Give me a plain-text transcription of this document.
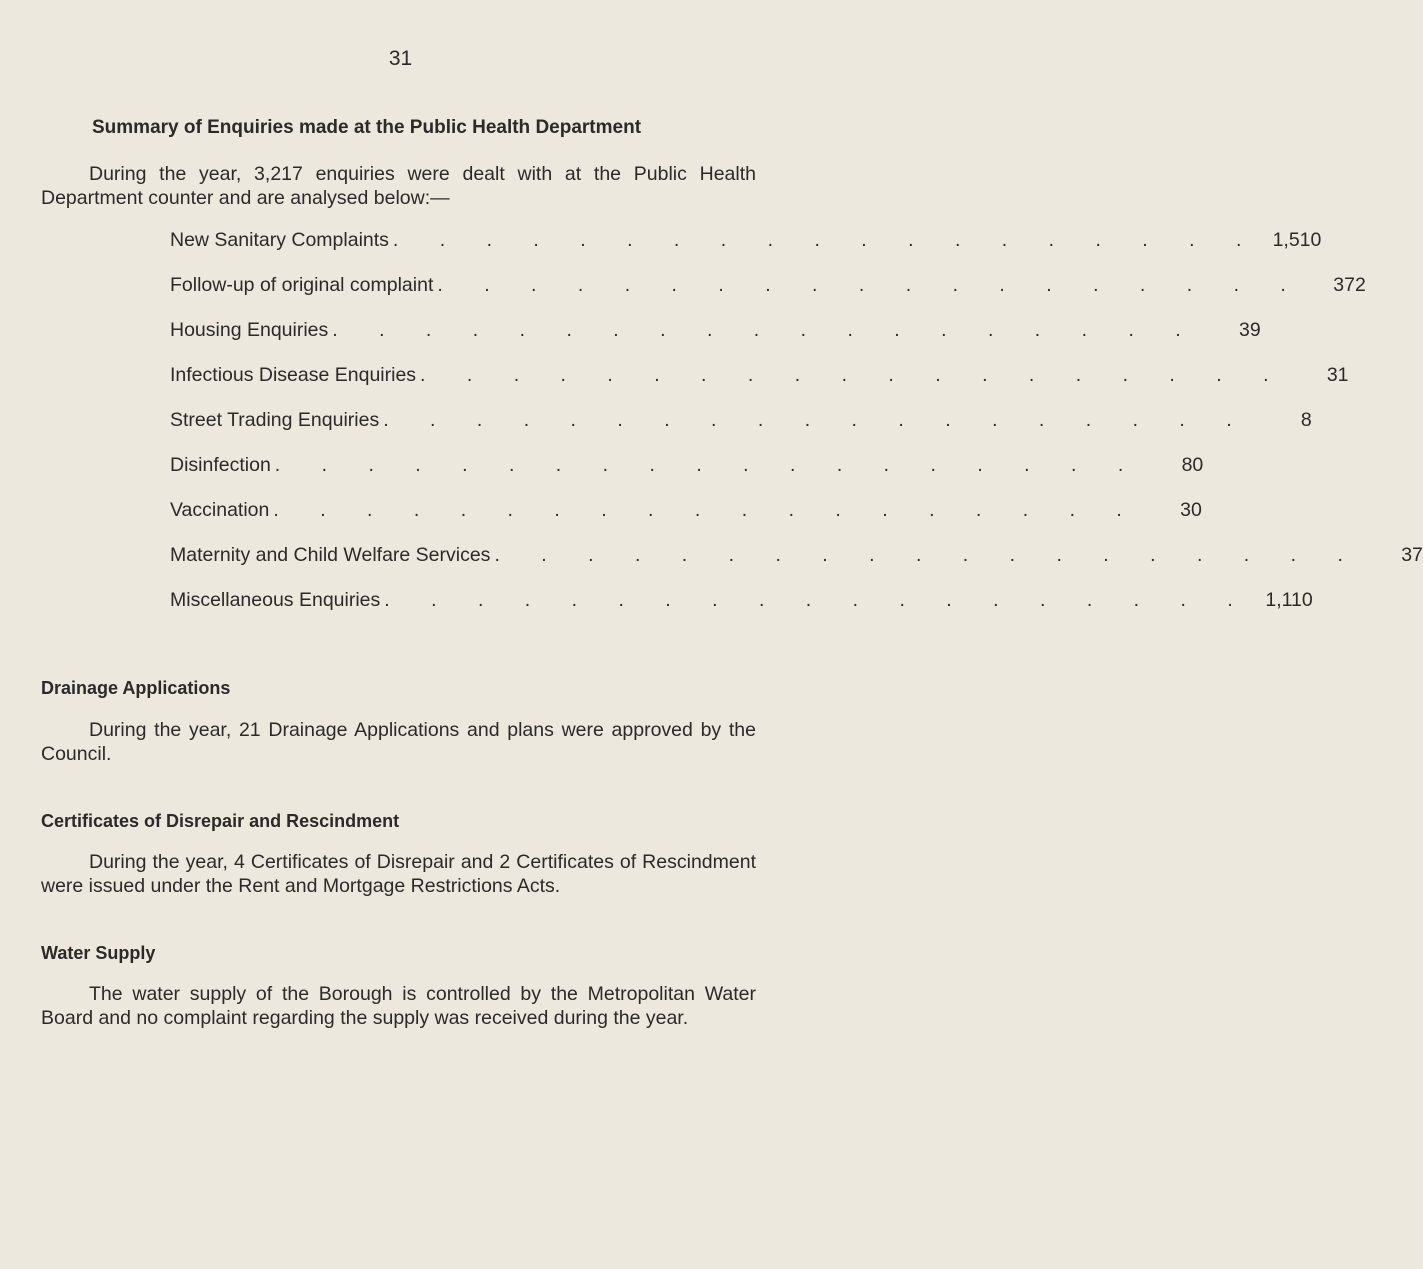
31
Summary of Enquiries made at the Public Health Department

During the year, 3,217 enquiries were dealt with at the Public Health Department counter and are analysed below:—

New Sanitary Complaints . . . . . . . . . . . . . . . . . . . 1,510
Follow-up of original complaint . . . . . . . . . . . . . . . . . . .	372
Housing Enquiries . . . . . . . . . . . . . . . . . . .	39
Infectious Disease Enquiries . . . . . . . . . . . . . . . . . . .	31
Street Trading Enquiries . . . . . . . . . . . . . . . . . . .	8
Disinfection . . . . . . . . . . . . . . . . . . .	80
Vaccination . . . . . . . . . . . . . . . . . . .	30
Maternity and Child Welfare Services . . . . . . . . . . . . . . . . . . .	37
Miscellaneous Enquiries . . . . . . . . . . . . . . . . . . . 1,110
Drainage Applications

During the year, 21 Drainage Applications and plans were approved by the Council.

Certificates of Disrepair and Rescindment

During the year, 4 Certificates of Disrepair and 2 Certificates of Rescindment were issued under the Rent and Mortgage Restrictions Acts.

Water Supply

The water supply of the Borough is controlled by the Metropolitan Water Board and no complaint regarding the supply was received during the year.
